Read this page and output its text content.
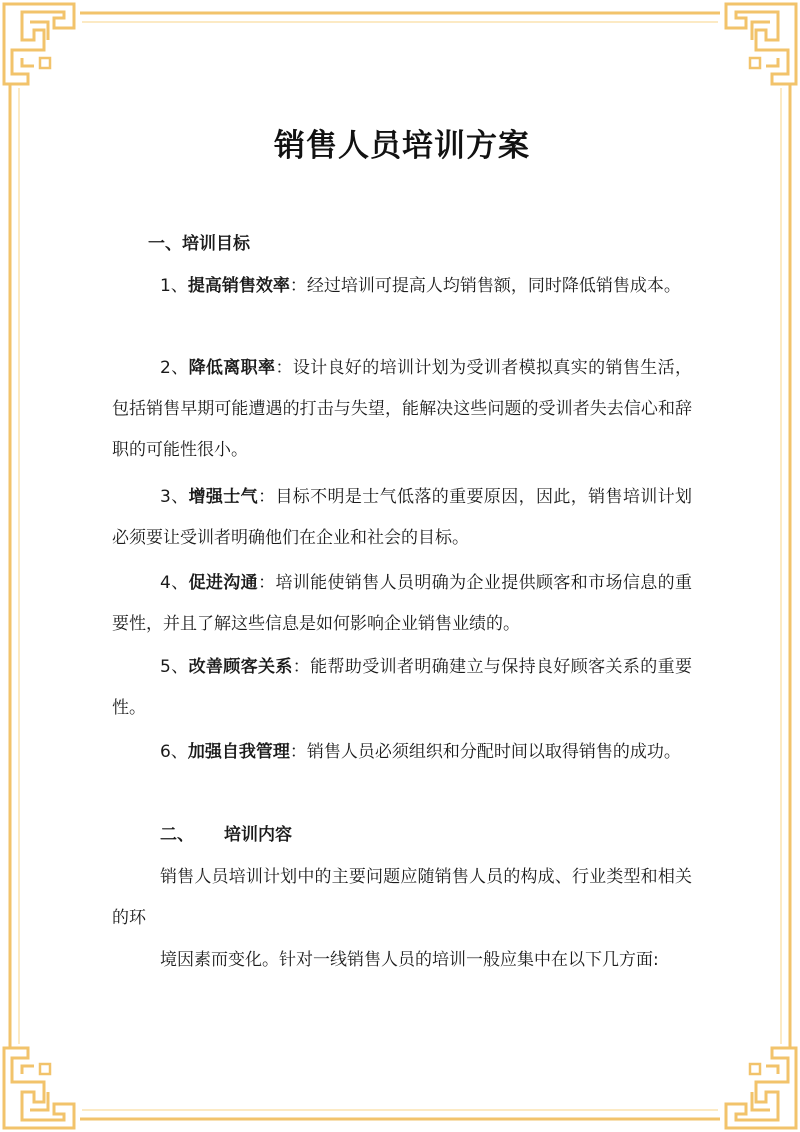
销售人员培训方案

一、培训目标

1、提高销售效率：经过培训可提高人均销售额，同时降低销售成本。

2、降低离职率：设计良好的培训计划为受训者模拟真实的销售生活，包括销售早期可能遭遇的打击与失望，能解决这些问题的受训者失去信心和辞职的可能性很小。

3、增强士气：目标不明是士气低落的重要原因，因此，销售培训计划必须要让受训者明确他们在企业和社会的目标。

4、促进沟通：培训能使销售人员明确为企业提供顾客和市场信息的重要性，并且了解这些信息是如何影响企业销售业绩的。

5、改善顾客关系：能帮助受训者明确建立与保持良好顾客关系的重要性。

6、加强自我管理：销售人员必须组织和分配时间以取得销售的成功。

二、 培训内容

销售人员培训计划中的主要问题应随销售人员的构成、行业类型和相关的环

境因素而变化。针对一线销售人员的培训一般应集中在以下几方面:
